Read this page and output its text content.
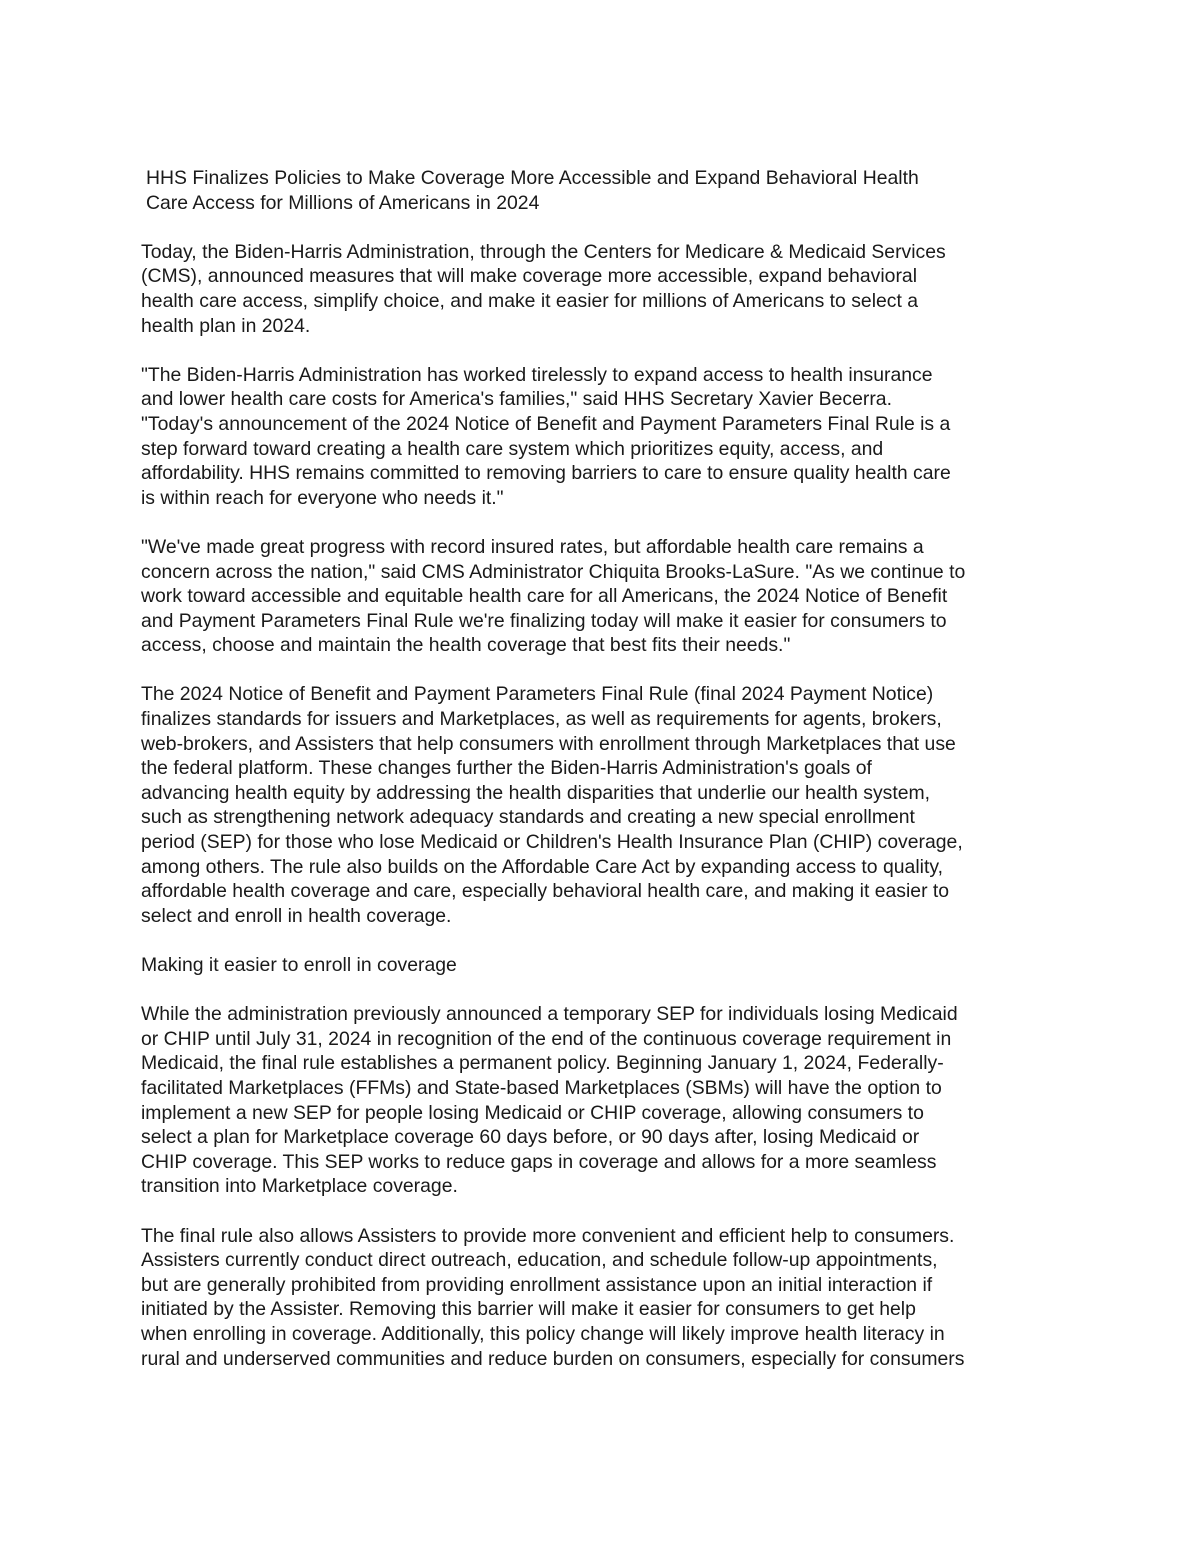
HHS Finalizes Policies to Make Coverage More Accessible and Expand Behavioral Health
Care Access for Millions of Americans in 2024

Today, the Biden-Harris Administration, through the Centers for Medicare & Medicaid Services
(CMS), announced measures that will make coverage more accessible, expand behavioral
health care access, simplify choice, and make it easier for millions of Americans to select a
health plan in 2024.

"The Biden-Harris Administration has worked tirelessly to expand access to health insurance
and lower health care costs for America's families," said HHS Secretary Xavier Becerra.
"Today's announcement of the 2024 Notice of Benefit and Payment Parameters Final Rule is a
step forward toward creating a health care system which prioritizes equity, access, and
affordability. HHS remains committed to removing barriers to care to ensure quality health care
is within reach for everyone who needs it."

"We've made great progress with record insured rates, but affordable health care remains a
concern across the nation," said CMS Administrator Chiquita Brooks-LaSure. "As we continue to
work toward accessible and equitable health care for all Americans, the 2024 Notice of Benefit
and Payment Parameters Final Rule we're finalizing today will make it easier for consumers to
access, choose and maintain the health coverage that best fits their needs."

The 2024 Notice of Benefit and Payment Parameters Final Rule (final 2024 Payment Notice)
finalizes standards for issuers and Marketplaces, as well as requirements for agents, brokers,
web-brokers, and Assisters that help consumers with enrollment through Marketplaces that use
the federal platform. These changes further the Biden-Harris Administration's goals of
advancing health equity by addressing the health disparities that underlie our health system,
such as strengthening network adequacy standards and creating a new special enrollment
period (SEP) for those who lose Medicaid or Children's Health Insurance Plan (CHIP) coverage,
among others. The rule also builds on the Affordable Care Act by expanding access to quality,
affordable health coverage and care, especially behavioral health care, and making it easier to
select and enroll in health coverage.

Making it easier to enroll in coverage

While the administration previously announced a temporary SEP for individuals losing Medicaid
or CHIP until July 31, 2024 in recognition of the end of the continuous coverage requirement in
Medicaid, the final rule establishes a permanent policy. Beginning January 1, 2024, Federally-
facilitated Marketplaces (FFMs) and State-based Marketplaces (SBMs) will have the option to
implement a new SEP for people losing Medicaid or CHIP coverage, allowing consumers to
select a plan for Marketplace coverage 60 days before, or 90 days after, losing Medicaid or
CHIP coverage. This SEP works to reduce gaps in coverage and allows for a more seamless
transition into Marketplace coverage.

The final rule also allows Assisters to provide more convenient and efficient help to consumers.
Assisters currently conduct direct outreach, education, and schedule follow-up appointments,
but are generally prohibited from providing enrollment assistance upon an initial interaction if
initiated by the Assister. Removing this barrier will make it easier for consumers to get help
when enrolling in coverage. Additionally, this policy change will likely improve health literacy in
rural and underserved communities and reduce burden on consumers, especially for consumers
